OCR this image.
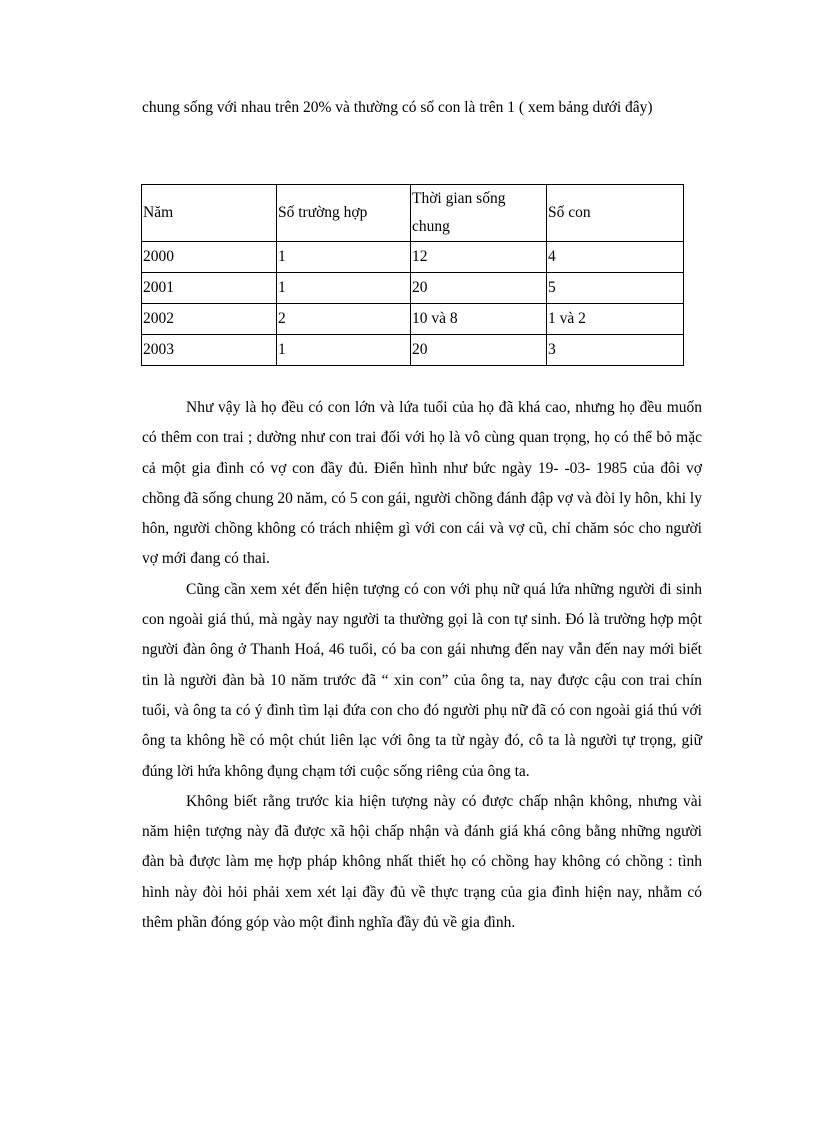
chung sống với nhau trên 20% và thường có số con là trên 1 ( xem bảng dưới đây)

Năm	Số trường hợp	Thời gian sống chung	Số con
2000	1	12	4
2001	1	20	5
2002	2	10 và 8	1 và 2
2003	1	20	3

Như vậy là họ đều có con lớn và lứa tuổi của họ đã khá cao, nhưng họ đều muốn có thêm con trai ; dường như con trai đối với họ là vô cùng quan trọng, họ có thể bỏ mặc cả một gia đình có vợ con đầy đủ. Điển hình như bức ngày 19- -03- 1985 của đôi vợ chồng đã sống chung 20 năm, có 5 con gái, người chồng đánh đập vợ và đòi ly hôn, khi ly hôn, người chồng không có trách nhiệm gì với con cái và vợ cũ, chỉ chăm sóc cho người vợ mới đang có thai.

Cũng cần xem xét đến hiện tượng có con với phụ nữ quá lứa những người đi sinh con ngoài giá thú, mà ngày nay người ta thường gọi là con tự sinh. Đó là trường hợp một người đàn ông ở Thanh Hoá, 46 tuổi, có ba con gái nhưng đến nay vẫn đến nay mới biết tin là người đàn bà 10 năm trước đã “ xin con” của ông ta, nay được cậu con trai chín tuổi, và ông ta có ý đình tìm lại đứa con cho đó người phụ nữ đã có con ngoài giá thú với ông ta không hề có một chút liên lạc với ông ta từ ngày đó, cô ta là người tự trọng, giữ đúng lời hứa không đụng chạm tới cuộc sống riêng của ông ta.

Không biết rằng trước kia hiện tượng này có được chấp nhận không, nhưng vài năm hiện tượng này đã được xã hội chấp nhận và đánh giá khá công bằng những người đàn bà được làm mẹ hợp pháp không nhất thiết họ có chồng hay không có chồng : tình hình này đòi hỏi phải xem xét lại đầy đủ về thực trạng của gia đình hiện nay, nhằm có thêm phần đóng góp vào một đình nghĩa đầy đủ về gia đình.
